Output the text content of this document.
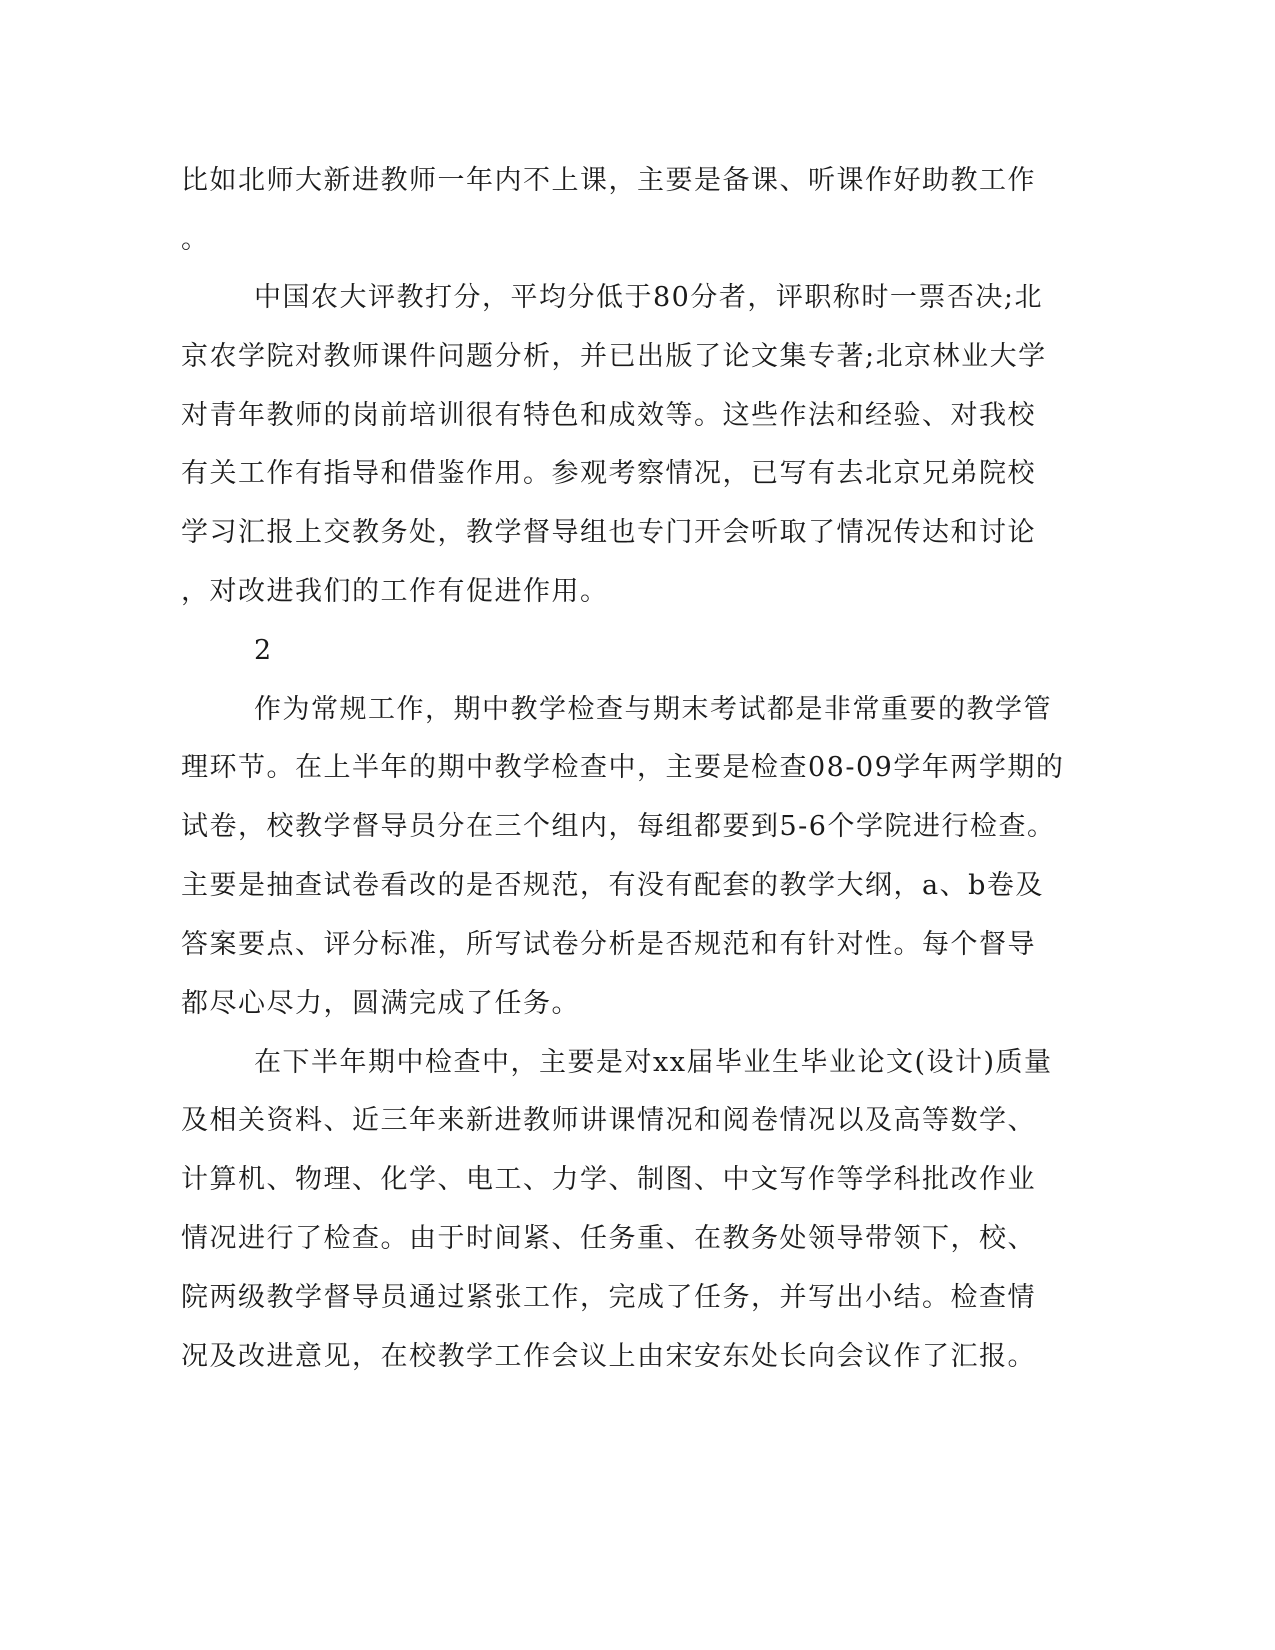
比如北师大新进教师一年内不上课，主要是备课、听课作好助教工作
。
中国农大评教打分，平均分低于80分者，评职称时一票否决;北
京农学院对教师课件问题分析，并已出版了论文集专著;北京林业大学
对青年教师的岗前培训很有特色和成效等。这些作法和经验、对我校
有关工作有指导和借鉴作用。参观考察情况，已写有去北京兄弟院校
学习汇报上交教务处，教学督导组也专门开会听取了情况传达和讨论
，对改进我们的工作有促进作用。
2
作为常规工作，期中教学检查与期末考试都是非常重要的教学管
理环节。在上半年的期中教学检查中，主要是检查08-09学年两学期的
试卷，校教学督导员分在三个组内，每组都要到5-6个学院进行检查。
主要是抽查试卷看改的是否规范，有没有配套的教学大纲，a、b卷及
答案要点、评分标准，所写试卷分析是否规范和有针对性。每个督导
都尽心尽力，圆满完成了任务。
在下半年期中检查中，主要是对xx届毕业生毕业论文(设计)质量
及相关资料、近三年来新进教师讲课情况和阅卷情况以及高等数学、
计算机、物理、化学、电工、力学、制图、中文写作等学科批改作业
情况进行了检查。由于时间紧、任务重、在教务处领导带领下，校、
院两级教学督导员通过紧张工作，完成了任务，并写出小结。检查情
况及改进意见，在校教学工作会议上由宋安东处长向会议作了汇报。
